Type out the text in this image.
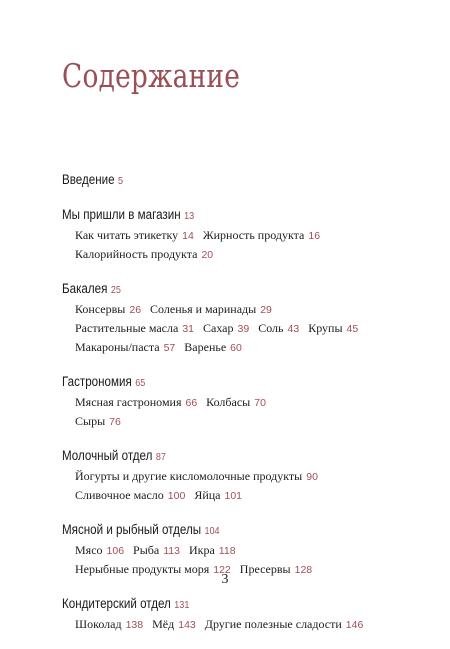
Содержание
Введение 5
Мы пришли в магазин 13
Как читать этикетку 14 Жирность продукта 16
Калорийность продукта 20
Бакалея 25
Консервы 26 Соленья и маринады 29
Растительные масла 31 Сахар 39 Соль 43 Крупы 45
Макароны/паста 57 Варенье 60
Гастрономия 65
Мясная гастрономия 66 Колбасы 70
Сыры 76
Молочный отдел 87
Йогурты и другие кисломолочные продукты 90
Сливочное масло 100 Яйца 101
Мясной и рыбный отделы 104
Мясо 106 Рыба 113 Икра 118
Нерыбные продукты моря 122 Пресервы 128
Кондитерский отдел 131
Шоколад 138 Мёд 143 Другие полезные сладости 146
3
